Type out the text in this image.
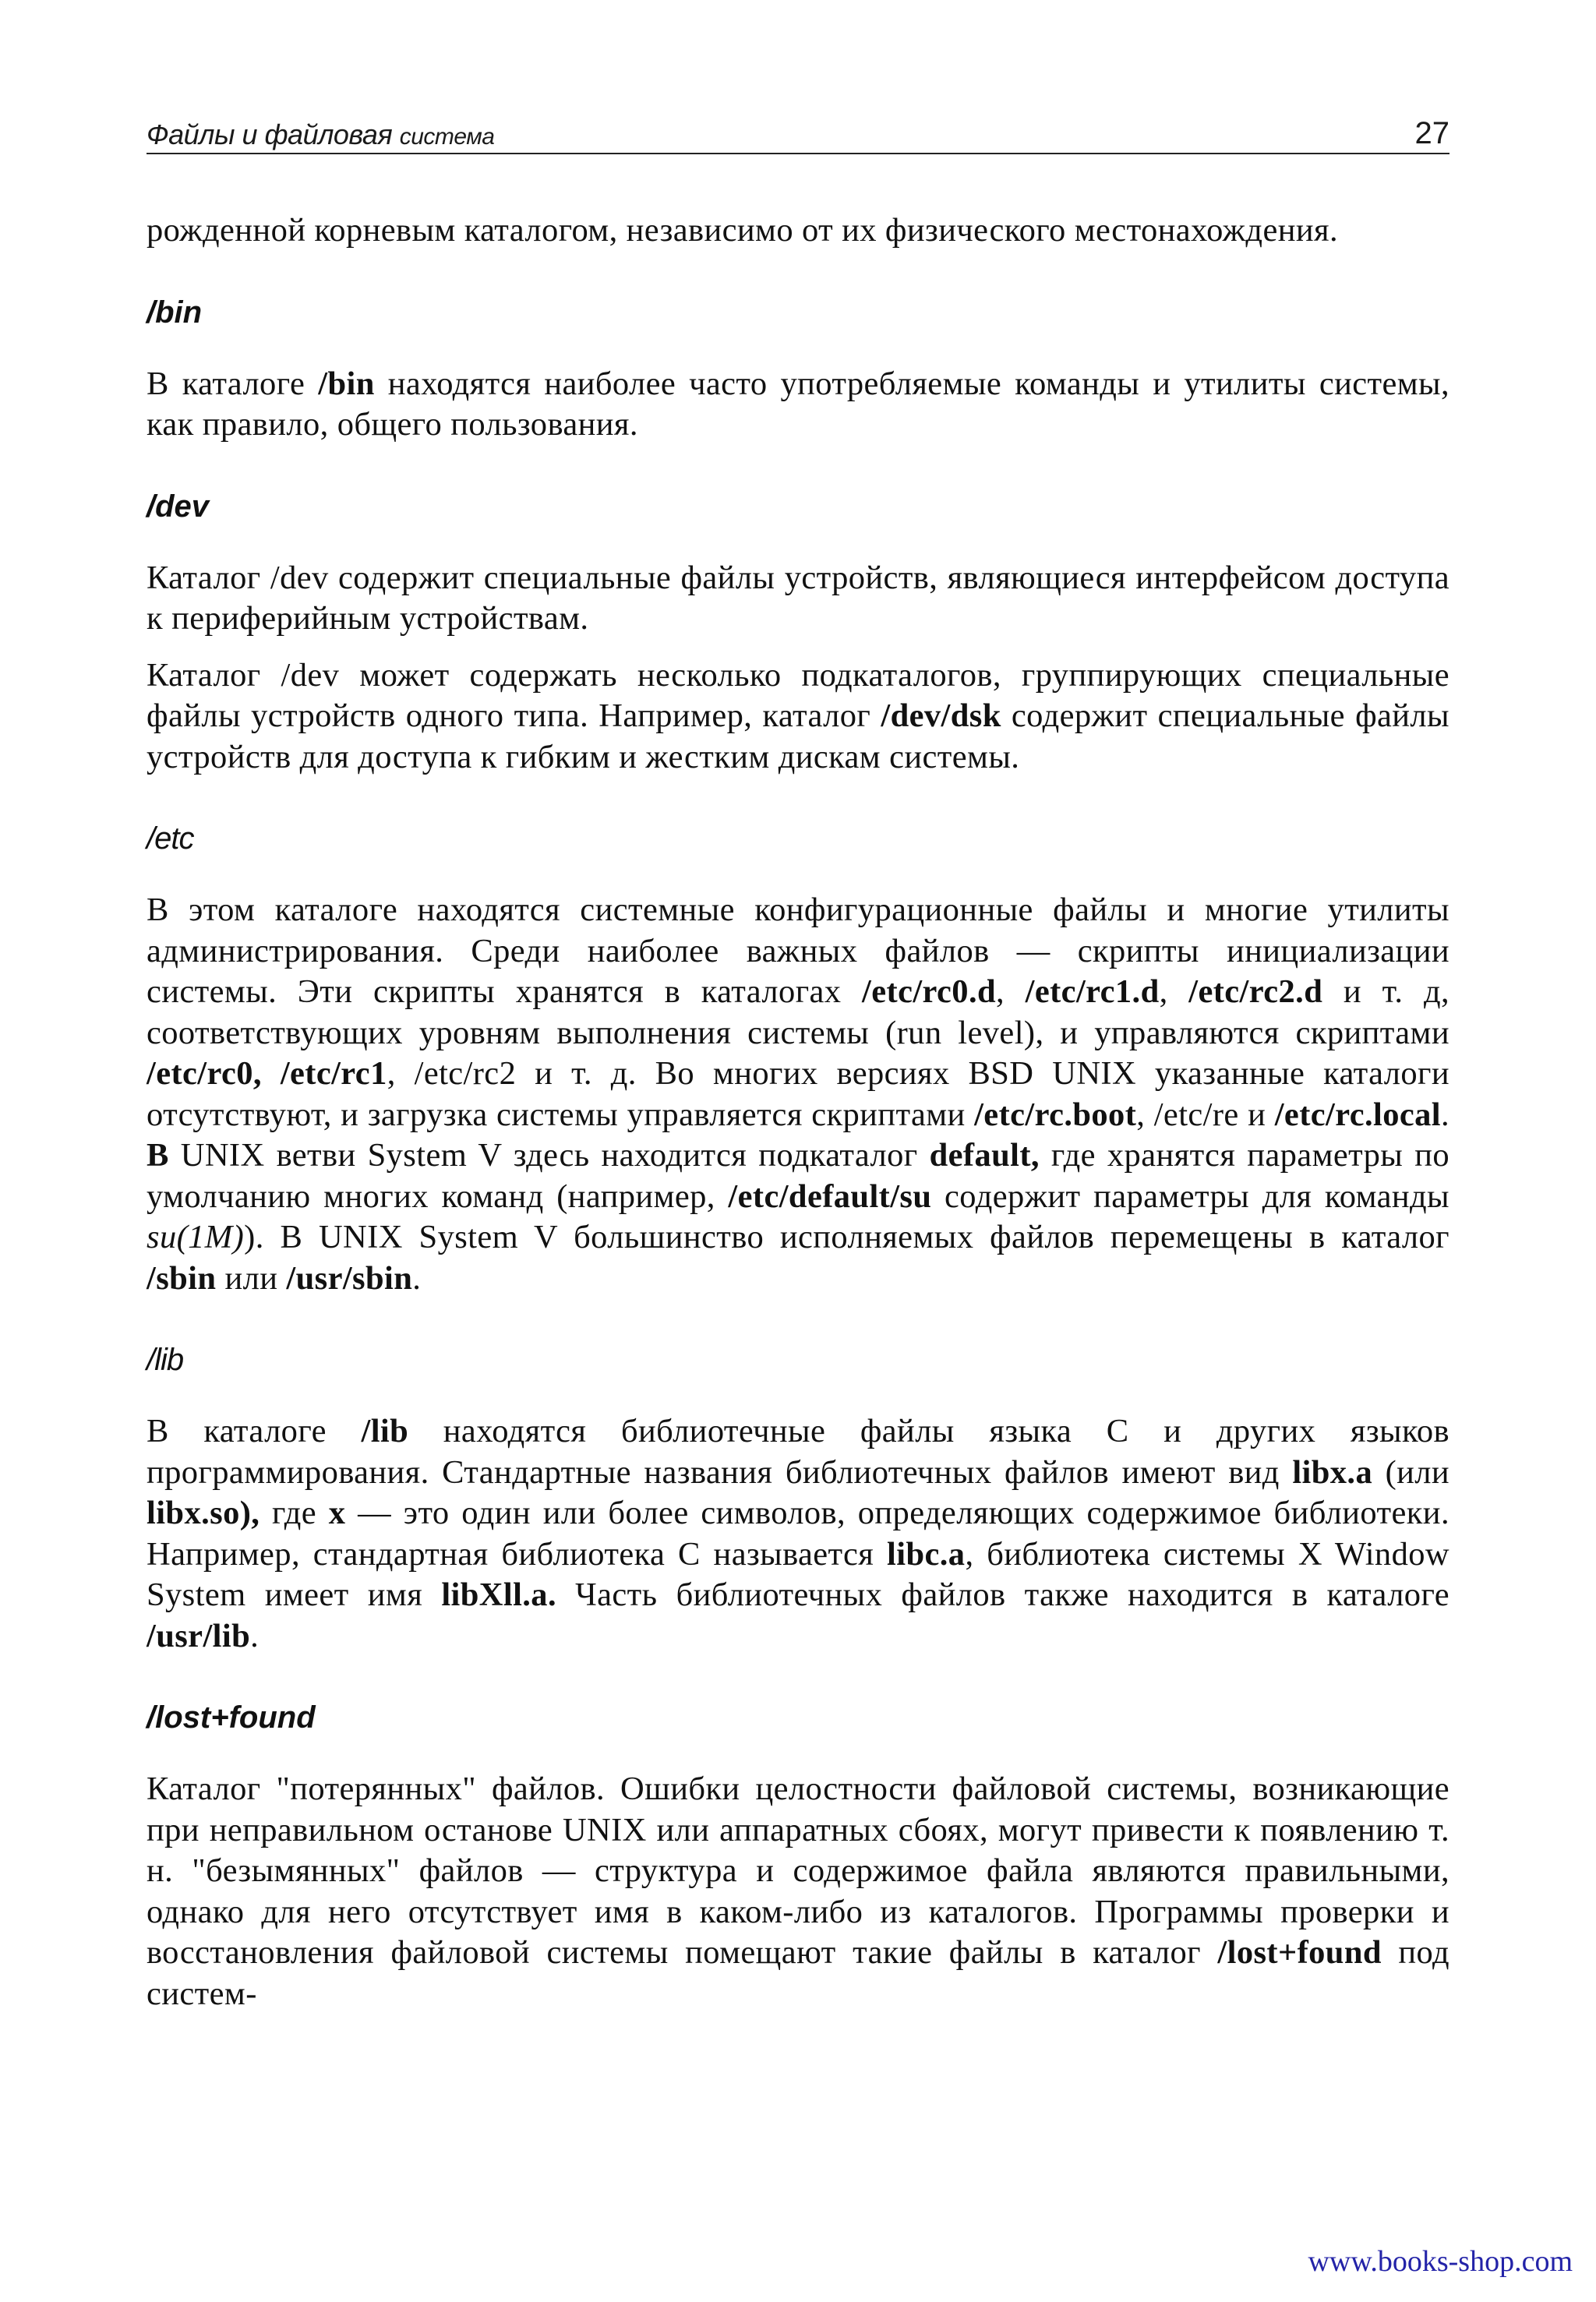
Файлы и файловая система	27

рожденной корневым каталогом, независимо от их физического местонахождения.

/bin

В каталоге /bin находятся наиболее часто употребляемые команды и утилиты системы, как правило, общего пользования.

/dev

Каталог /dev содержит специальные файлы устройств, являющиеся интерфейсом доступа к периферийным устройствам.

Каталог /dev может содержать несколько подкаталогов, группирующих специальные файлы устройств одного типа. Например, каталог /dev/dsk содержит специальные файлы устройств для доступа к гибким и жестким дискам системы.

/etc

В этом каталоге находятся системные конфигурационные файлы и многие утилиты администрирования. Среди наиболее важных файлов — скрипты инициализации системы. Эти скрипты хранятся в каталогах /etc/rc0.d, /etc/rc1.d, /etc/rc2.d и т. д, соответствующих уровням выполнения системы (run level), и управляются скриптами /etc/rc0, /etc/rc1, /etc/rc2 и т. д. Во многих версиях BSD UNIX указанные каталоги отсутствуют, и загрузка системы управляется скриптами /etc/rc.boot, /etc/re и /etc/rc.local. В UNIX ветви System V здесь находится подкаталог default, где хранятся параметры по умолчанию многих команд (например, /etc/default/su содержит параметры для команды su(1M)). В UNIX System V большинство исполняемых файлов перемещены в каталог /sbin или /usr/sbin.

/lib

В каталоге /lib находятся библиотечные файлы языка С и других языков программирования. Стандартные названия библиотечных файлов имеют вид libx.a (или libx.so), где x — это один или более символов, определяющих содержимое библиотеки. Например, стандартная библиотека С называется libc.a, библиотека системы X Window System имеет имя libXll.a. Часть библиотечных файлов также находится в каталоге /usr/lib.

/lost+found

Каталог "потерянных" файлов. Ошибки целостности файловой системы, возникающие при неправильном останове UNIX или аппаратных сбоях, могут привести к появлению т. н. "безымянных" файлов — структура и содержимое файла являются правильными, однако для него отсутствует имя в каком-либо из каталогов. Программы проверки и восстановления файловой системы помещают такие файлы в каталог /lost+found под систем-

www.books-shop.com
